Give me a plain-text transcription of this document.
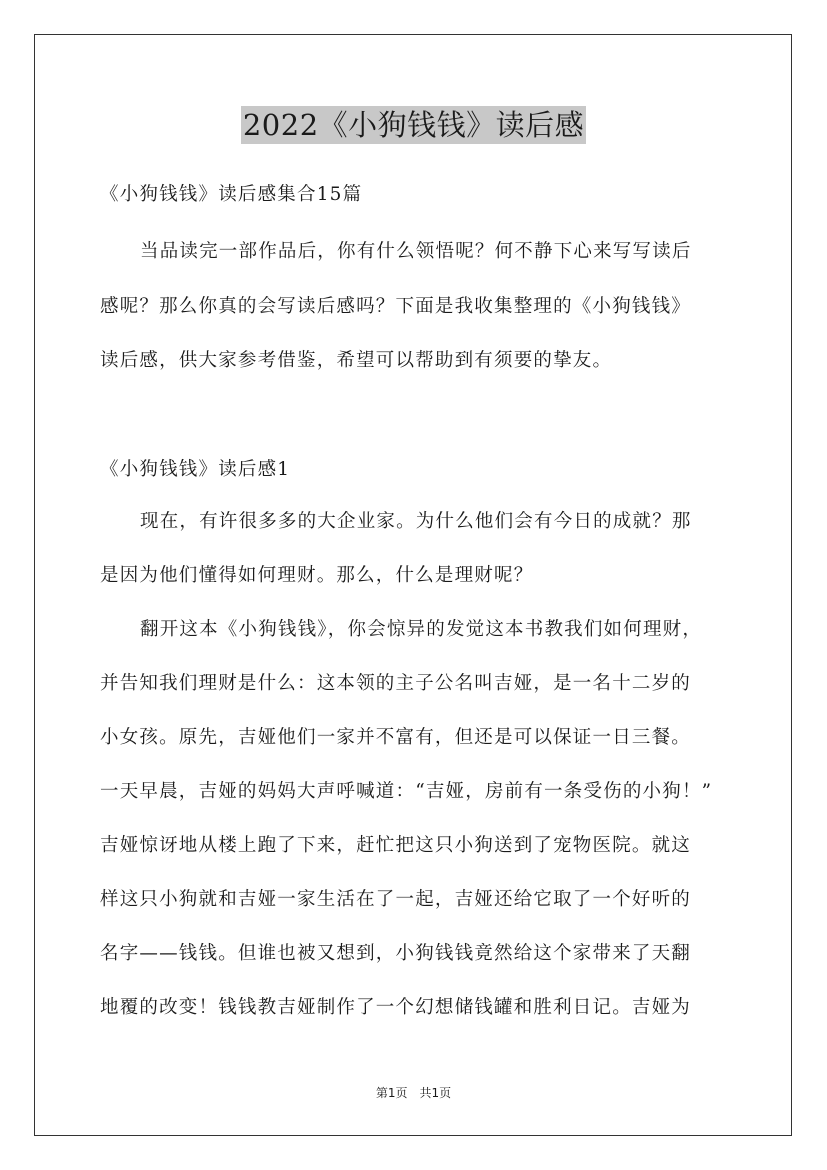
2022《小狗钱钱》读后感
《小狗钱钱》读后感集合15篇
当品读完一部作品后，你有什么领悟呢？何不静下心来写写读后
感呢？那么你真的会写读后感吗？下面是我收集整理的《小狗钱钱》
读后感，供大家参考借鉴，希望可以帮助到有须要的挚友。
《小狗钱钱》读后感1
现在，有许很多多的大企业家。为什么他们会有今日的成就？那
是因为他们懂得如何理财。那么，什么是理财呢？
翻开这本《小狗钱钱》，你会惊异的发觉这本书教我们如何理财，
并告知我们理财是什么：这本领的主子公名叫吉娅，是一名十二岁的
小女孩。原先，吉娅他们一家并不富有，但还是可以保证一日三餐。
一天早晨，吉娅的妈妈大声呼喊道：“吉娅，房前有一条受伤的小狗！”
吉娅惊讶地从楼上跑了下来，赶忙把这只小狗送到了宠物医院。就这
样这只小狗就和吉娅一家生活在了一起，吉娅还给它取了一个好听的
名字——钱钱。但谁也被又想到，小狗钱钱竟然给这个家带来了天翻
地覆的改变！钱钱教吉娅制作了一个幻想储钱罐和胜利日记。吉娅为
第1页　共1页
